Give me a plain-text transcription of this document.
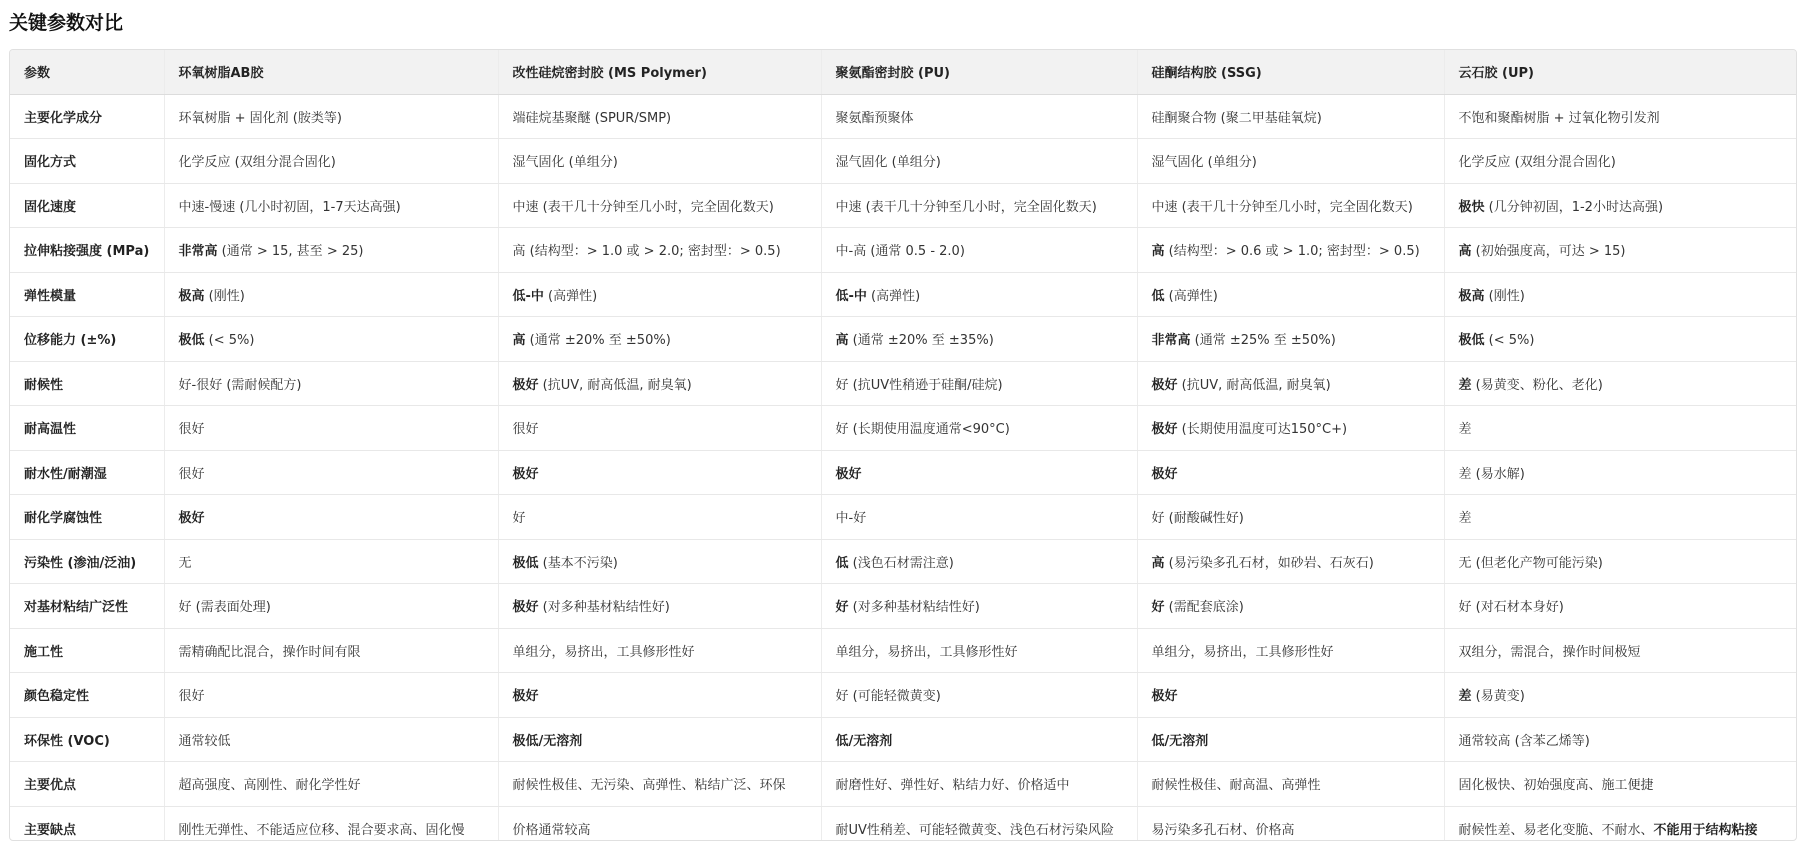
关键参数对比
参数	环氧树脂AB胶	改性硅烷密封胶 (MS Polymer)	聚氨酯密封胶 (PU)	硅酮结构胶 (SSG)	云石胶 (UP)
主要化学成分	环氧树脂 + 固化剂 (胺类等)	端硅烷基聚醚 (SPUR/SMP)	聚氨酯预聚体	硅酮聚合物 (聚二甲基硅氧烷)	不饱和聚酯树脂 + 过氧化物引发剂
固化方式	化学反应 (双组分混合固化)	湿气固化 (单组分)	湿气固化 (单组分)	湿气固化 (单组分)	化学反应 (双组分混合固化)
固化速度	中速-慢速 (几小时初固，1-7天达高强)	中速 (表干几十分钟至几小时，完全固化数天)	中速 (表干几十分钟至几小时，完全固化数天)	中速 (表干几十分钟至几小时，完全固化数天)	极快 (几分钟初固，1-2小时达高强)
拉伸粘接强度 (MPa)	非常高 (通常 > 15, 甚至 > 25)	高 (结构型：> 1.0 或 > 2.0; 密封型：> 0.5)	中-高 (通常 0.5 - 2.0)	高 (结构型：> 0.6 或 > 1.0; 密封型：> 0.5)	高 (初始强度高，可达 > 15)
弹性模量	极高 (刚性)	低-中 (高弹性)	低-中 (高弹性)	低 (高弹性)	极高 (刚性)
位移能力 (±%)	极低 (< 5%)	高 (通常 ±20% 至 ±50%)	高 (通常 ±20% 至 ±35%)	非常高 (通常 ±25% 至 ±50%)	极低 (< 5%)
耐候性	好-很好 (需耐候配方)	极好 (抗UV, 耐高低温, 耐臭氧)	好 (抗UV性稍逊于硅酮/硅烷)	极好 (抗UV, 耐高低温, 耐臭氧)	差 (易黄变、粉化、老化)
耐高温性	很好	很好	好 (长期使用温度通常<90°C)	极好 (长期使用温度可达150°C+)	差
耐水性/耐潮湿	很好	极好	极好	极好	差 (易水解)
耐化学腐蚀性	极好	好	中-好	好 (耐酸碱性好)	差
污染性 (渗油/泛油)	无	极低 (基本不污染)	低 (浅色石材需注意)	高 (易污染多孔石材，如砂岩、石灰石)	无 (但老化产物可能污染)
对基材粘结广泛性	好 (需表面处理)	极好 (对多种基材粘结性好)	好 (对多种基材粘结性好)	好 (需配套底涂)	好 (对石材本身好)
施工性	需精确配比混合，操作时间有限	单组分，易挤出，工具修形性好	单组分，易挤出，工具修形性好	单组分，易挤出，工具修形性好	双组分，需混合，操作时间极短
颜色稳定性	很好	极好	好 (可能轻微黄变)	极好	差 (易黄变)
环保性 (VOC)	通常较低	极低/无溶剂	低/无溶剂	低/无溶剂	通常较高 (含苯乙烯等)
主要优点	超高强度、高刚性、耐化学性好	耐候性极佳、无污染、高弹性、粘结广泛、环保	耐磨性好、弹性好、粘结力好、价格适中	耐候性极佳、耐高温、高弹性	固化极快、初始强度高、施工便捷
主要缺点	刚性无弹性、不能适应位移、混合要求高、固化慢	价格通常较高	耐UV性稍差、可能轻微黄变、浅色石材污染风险	易污染多孔石材、价格高	耐候性差、易老化变脆、不耐水、不能用于结构粘接
